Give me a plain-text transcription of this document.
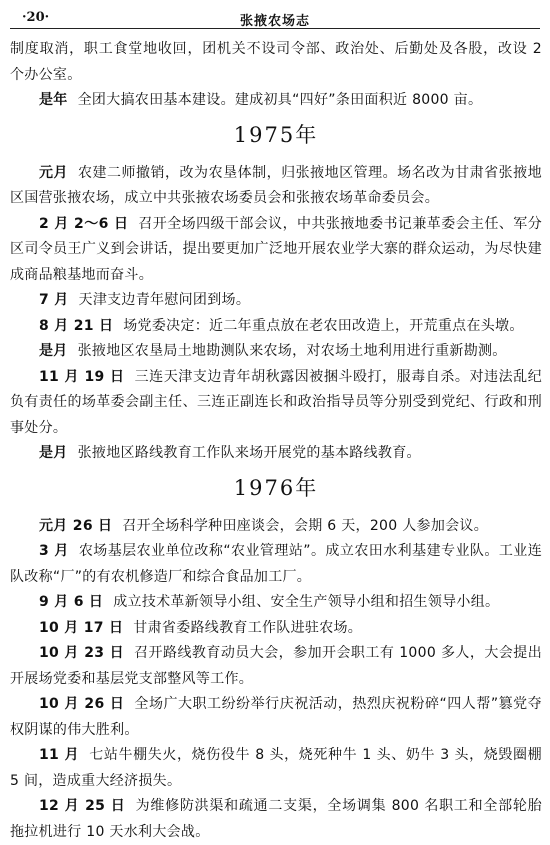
·20·	张掖农场志

制度取消，职工食堂地收回，团机关不设司令部、政治处、后勤处及各股，改设 2 个办公室。

是年 全团大搞农田基本建设。建成初具“四好”条田面积近 8000 亩。

1975年

元月 农建二师撤销，改为农垦体制，归张掖地区管理。场名改为甘肃省张掖地区国营张掖农场，成立中共张掖农场委员会和张掖农场革命委员会。

2 月 2～6 日 召开全场四级干部会议，中共张掖地委书记兼革委会主任、军分区司令员王广义到会讲话，提出要更加广泛地开展农业学大寨的群众运动，为尽快建成商品粮基地而奋斗。

7 月 天津支边青年慰问团到场。

8 月 21 日 场党委决定：近二年重点放在老农田改造上，开荒重点在头墩。

是月 张掖地区农垦局土地勘测队来农场，对农场土地利用进行重新勘测。

11 月 19 日 三连天津支边青年胡秋露因被捆斗殴打，服毒自杀。对违法乱纪负有责任的场革委会副主任、三连正副连长和政治指导员等分别受到党纪、行政和刑事处分。

是月 张掖地区路线教育工作队来场开展党的基本路线教育。

1976年

元月 26 日 召开全场科学种田座谈会，会期 6 天，200 人参加会议。

3 月 农场基层农业单位改称“农业管理站”。成立农田水利基建专业队。工业连队改称“厂”的有农机修造厂和综合食品加工厂。

9 月 6 日 成立技术革新领导小组、安全生产领导小组和招生领导小组。

10 月 17 日 甘肃省委路线教育工作队进驻农场。

10 月 23 日 召开路线教育动员大会，参加开会职工有 1000 多人，大会提出开展场党委和基层党支部整风等工作。

10 月 26 日 全场广大职工纷纷举行庆祝活动，热烈庆祝粉碎“四人帮”篡党夺权阴谋的伟大胜利。

11 月 七站牛棚失火，烧伤役牛 8 头，烧死种牛 1 头、奶牛 3 头，烧毁圈棚 5 间，造成重大经济损失。

12 月 25 日 为维修防洪渠和疏通二支渠，全场调集 800 名职工和全部轮胎拖拉机进行 10 天水利大会战。
